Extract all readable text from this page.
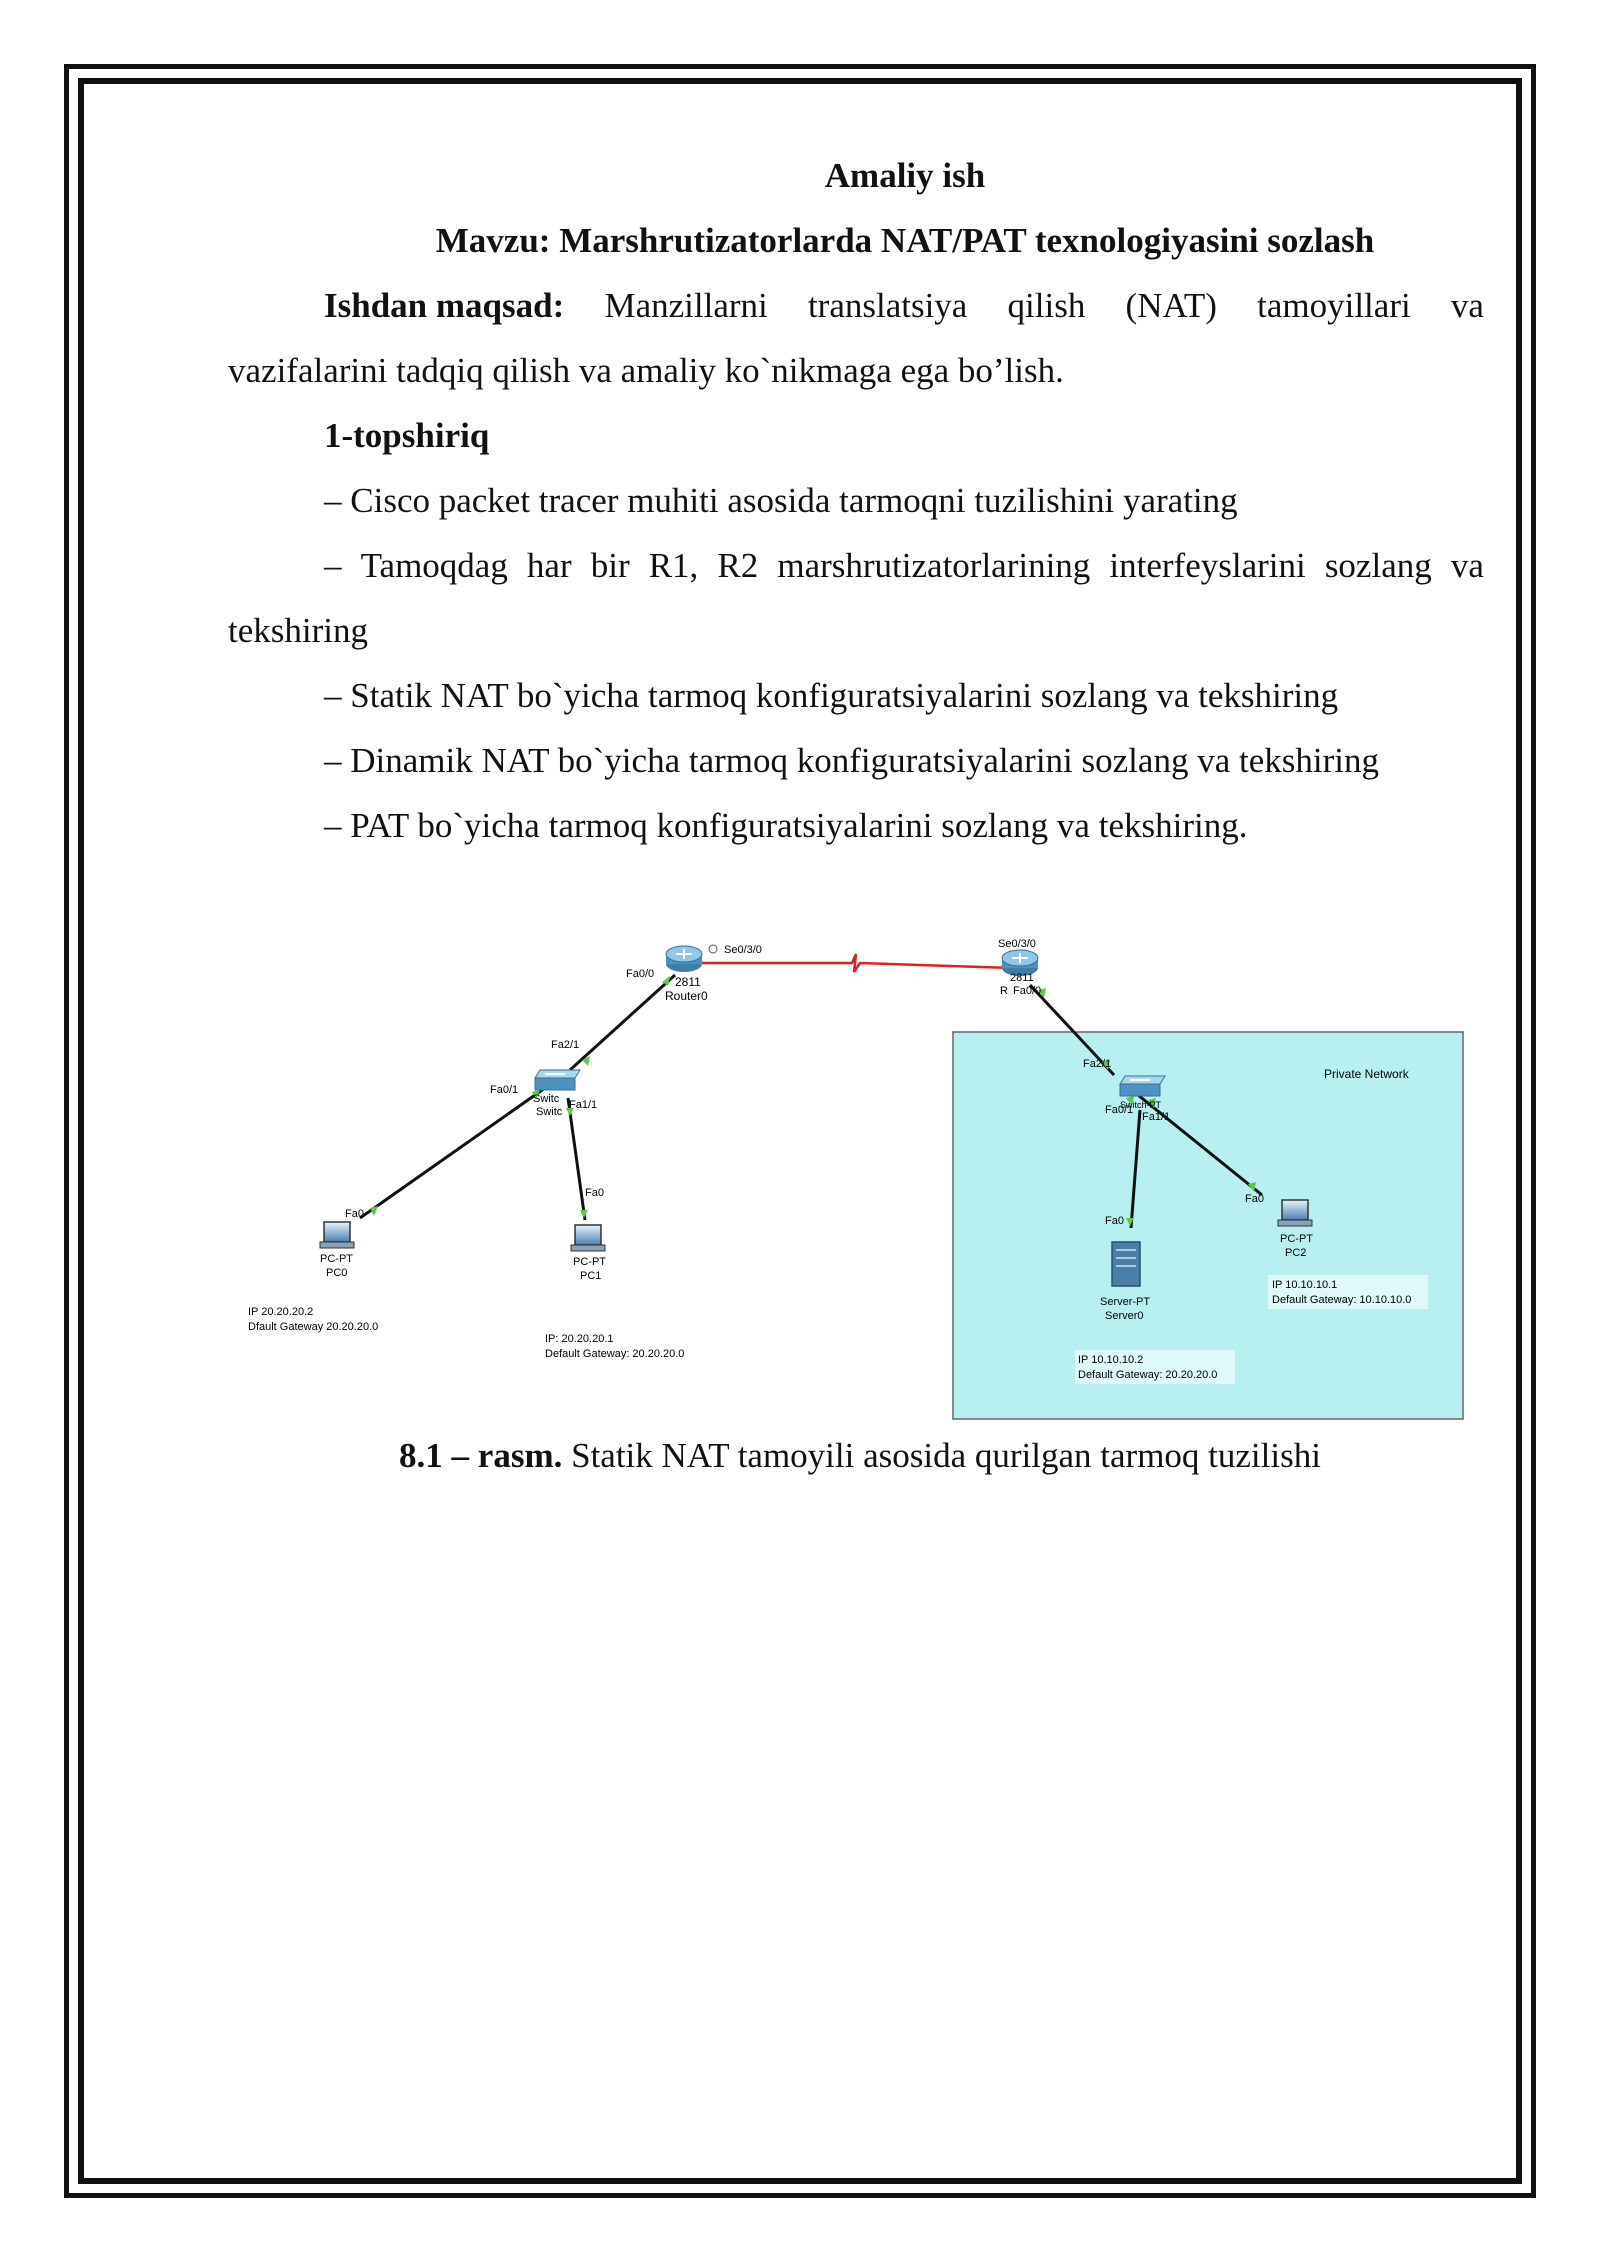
Amaliy ish
Mavzu: Marshrutizatorlarda NAT/PAT texnologiyasini sozlash
Ishdan maqsad: Manzillarni translatsiya qilish (NAT) tamoyillari va
vazifalarini tadqiq qilish va amaliy ko`nikmaga ega bo’lish.
1-topshiriq
– Cisco packet tracer muhiti asosida tarmoqni tuzilishini yarating
– Tamoqdag har bir R1, R2 marshrutizatorlarining interfeyslarini sozlang va
tekshiring
– Statik NAT bo`yicha tarmoq konfiguratsiyalarini sozlang va tekshiring
– Dinamik NAT bo`yicha tarmoq konfiguratsiyalarini sozlang va tekshiring
– PAT bo`yicha tarmoq konfiguratsiyalarini sozlang va tekshiring.
Private Network
2811
Router0
Fa0/0
Se0/3/0	Se0/3/0
2811
R Fa0/0
Fa2/1
Fa0/1
Switc
Switc
Fa1/1
Fa2/1
Switch-PT
Fa0/1
Fa1/1
Fa0
PC-PT
PC0
IP 20.20.20.2
Dfault Gateway 20.20.20.0
Fa0
PC-PT
PC1
IP: 20.20.20.1
Default Gateway: 20.20.20.0
Fa0
PC-PT
PC2
IP 10.10.10.1
Default Gateway: 10.10.10.0
Fa0
Server-PT
Server0
IP 10.10.10.2
Default Gateway: 20.20.20.0
8.1 – rasm. Statik NAT tamoyili asosida qurilgan tarmoq tuzilishi
